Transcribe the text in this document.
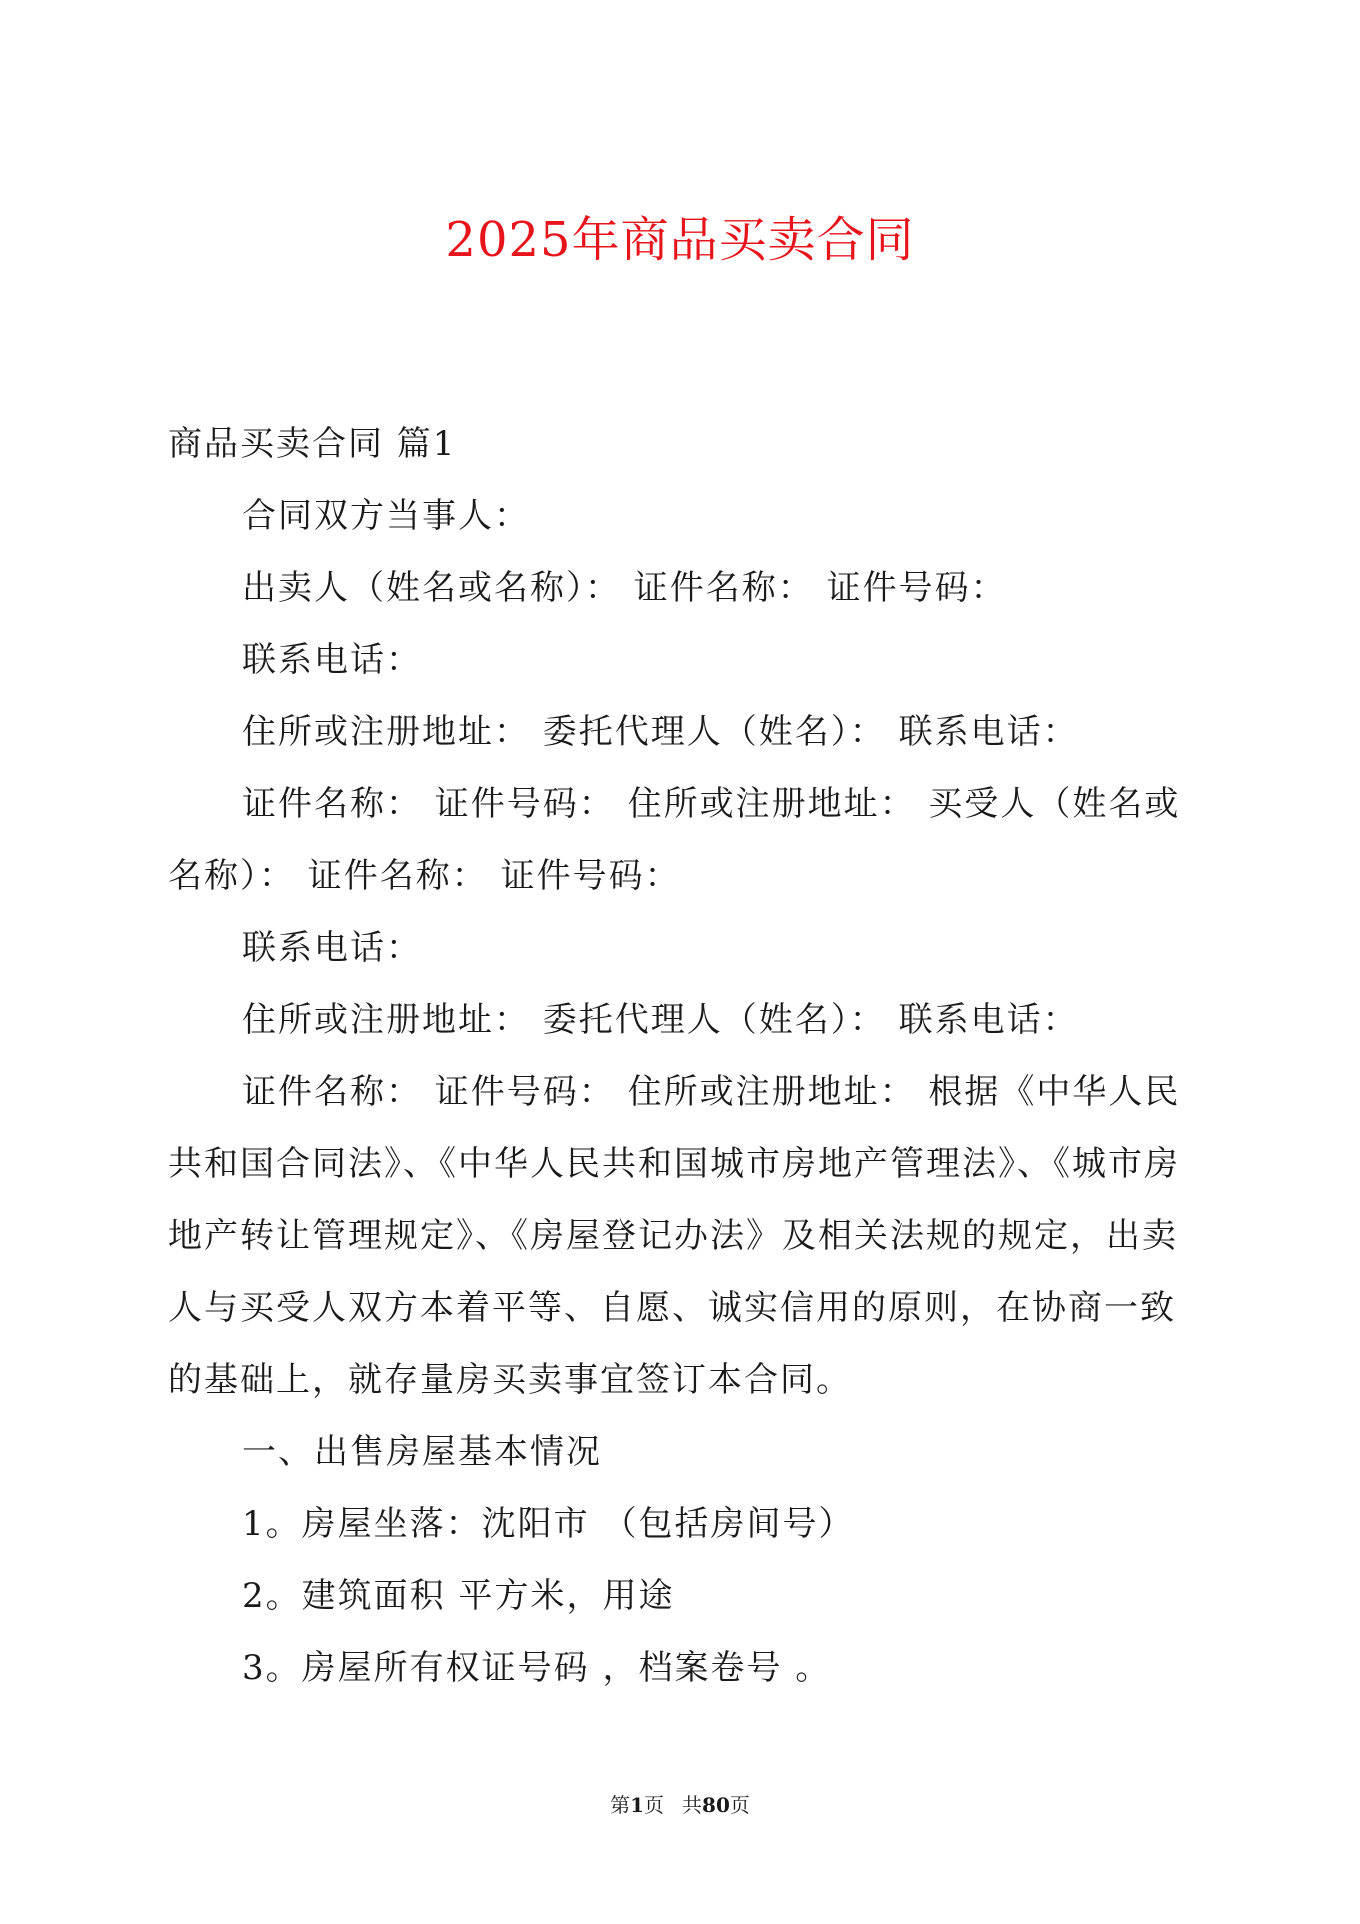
2025年商品买卖合同
商品买卖合同 篇1
合同双方当事人：
出卖人（姓名或名称）： 证件名称： 证件号码：
联系电话：
住所或注册地址： 委托代理人（姓名）： 联系电话：
证件名称： 证件号码： 住所或注册地址： 买受人（姓名或
名称）： 证件名称： 证件号码：
联系电话：
住所或注册地址： 委托代理人（姓名）： 联系电话：
证件名称： 证件号码： 住所或注册地址： 根据《中华人民
共和国合同法》、《中华人民共和国城市房地产管理法》、《城市房
地产转让管理规定》、《房屋登记办法》及相关法规的规定，出卖
人与买受人双方本着平等、自愿、诚实信用的原则，在协商一致
的基础上，就存量房买卖事宜签订本合同。
一、出售房屋基本情况
1。房屋坐落：沈阳市 （包括房间号）
2。建筑面积 平方米，用途
3。房屋所有权证号码 ，档案卷号 。
第1页 共80页
